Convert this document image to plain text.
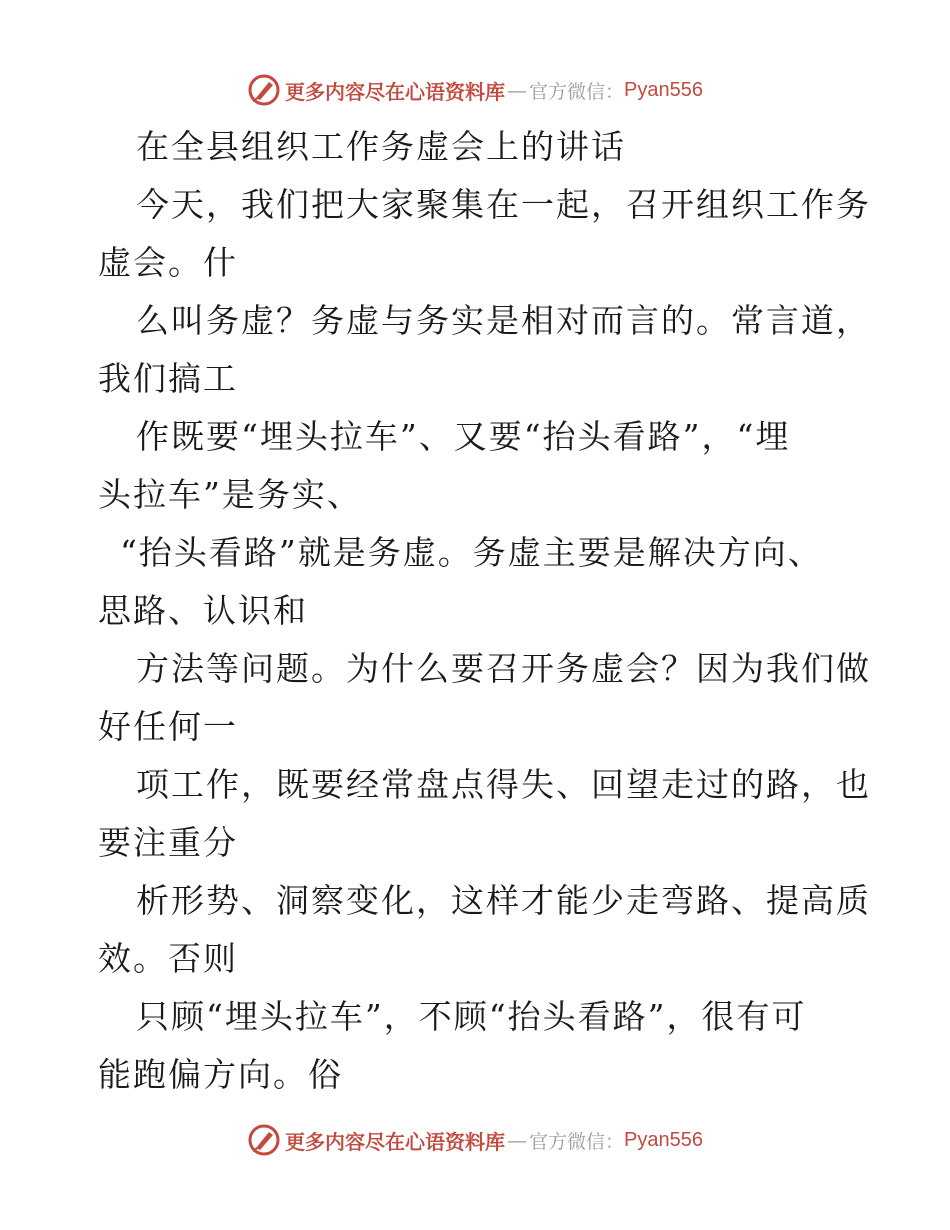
更多内容尽在心语资料库 — 官方微信： Pyan556
在全县组织工作务虚会上的讲话
今天，我们把大家聚集在一起，召开组织工作务
虚会。什
么叫务虚？务虚与务实是相对而言的。常言道，
我们搞工
作既要“埋头拉车”、又要“抬头看路”，“埋
头拉车”是务实、
“抬头看路”就是务虚。务虚主要是解决方向、
思路、认识和
方法等问题。为什么要召开务虚会？因为我们做
好任何一
项工作，既要经常盘点得失、回望走过的路，也
要注重分
析形势、洞察变化，这样才能少走弯路、提高质
效。否则
只顾“埋头拉车”，不顾“抬头看路”，很有可
能跑偏方向。俗
更多内容尽在心语资料库 — 官方微信： Pyan556
